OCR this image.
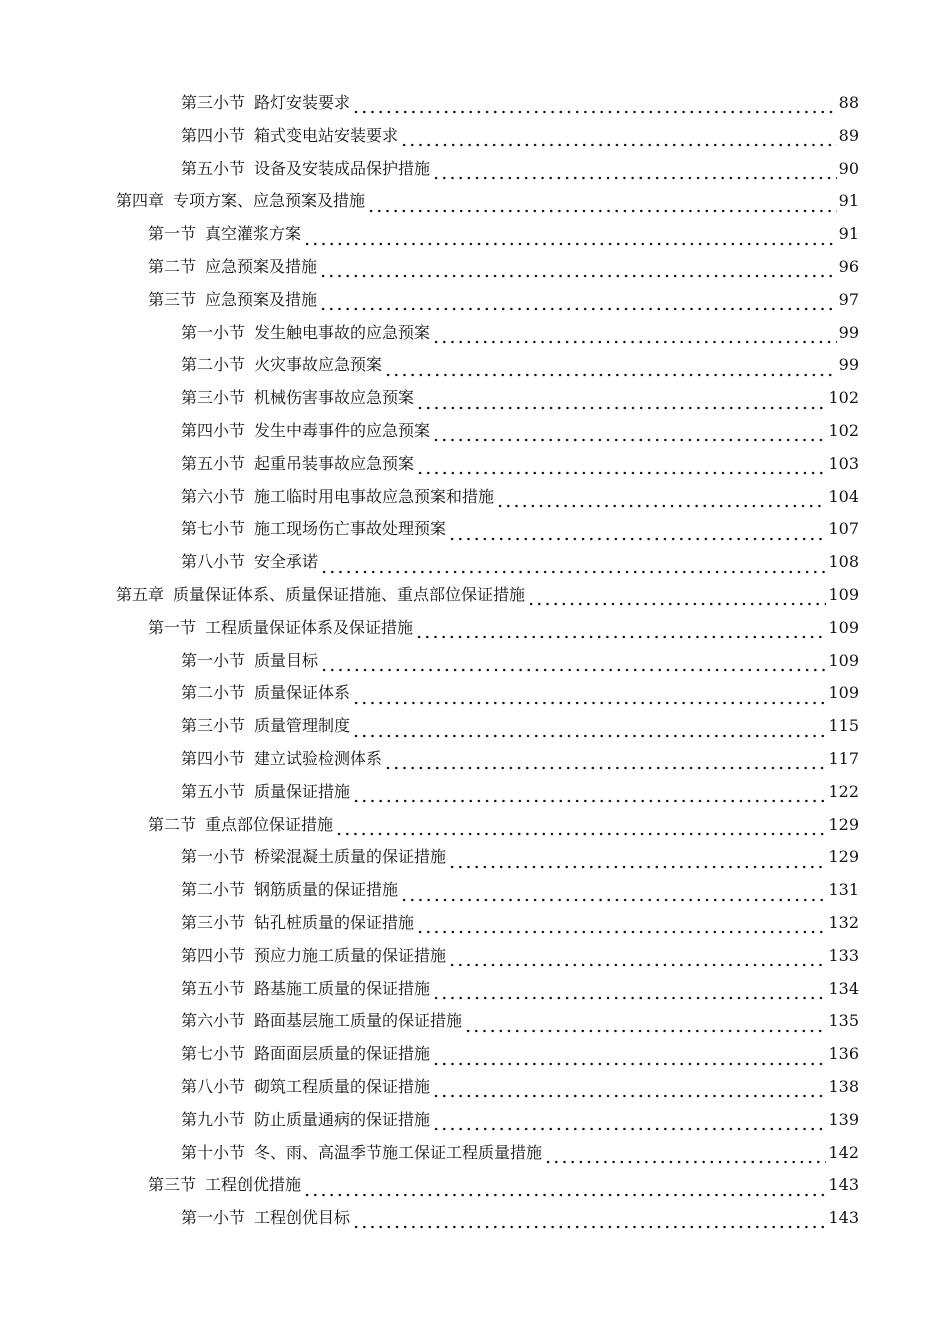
第三小节 路灯安装要求	88
第四小节 箱式变电站安装要求	89
第五小节 设备及安装成品保护措施	90
第四章 专项方案、应急预案及措施	91
第一节 真空灌浆方案	91
第二节 应急预案及措施	96
第三节 应急预案及措施	97
第一小节 发生触电事故的应急预案	99
第二小节 火灾事故应急预案	99
第三小节 机械伤害事故应急预案	102
第四小节 发生中毒事件的应急预案	102
第五小节 起重吊装事故应急预案	103
第六小节 施工临时用电事故应急预案和措施	104
第七小节 施工现场伤亡事故处理预案	107
第八小节 安全承诺	108
第五章 质量保证体系、质量保证措施、重点部位保证措施	109
第一节 工程质量保证体系及保证措施	109
第一小节 质量目标	109
第二小节 质量保证体系	109
第三小节 质量管理制度	115
第四小节 建立试验检测体系	117
第五小节 质量保证措施	122
第二节 重点部位保证措施	129
第一小节 桥梁混凝土质量的保证措施	129
第二小节 钢筋质量的保证措施	131
第三小节 钻孔桩质量的保证措施	132
第四小节 预应力施工质量的保证措施	133
第五小节 路基施工质量的保证措施	134
第六小节 路面基层施工质量的保证措施	135
第七小节 路面面层质量的保证措施	136
第八小节 砌筑工程质量的保证措施	138
第九小节 防止质量通病的保证措施	139
第十小节 冬、雨、高温季节施工保证工程质量措施	142
第三节 工程创优措施	143
第一小节 工程创优目标	143
